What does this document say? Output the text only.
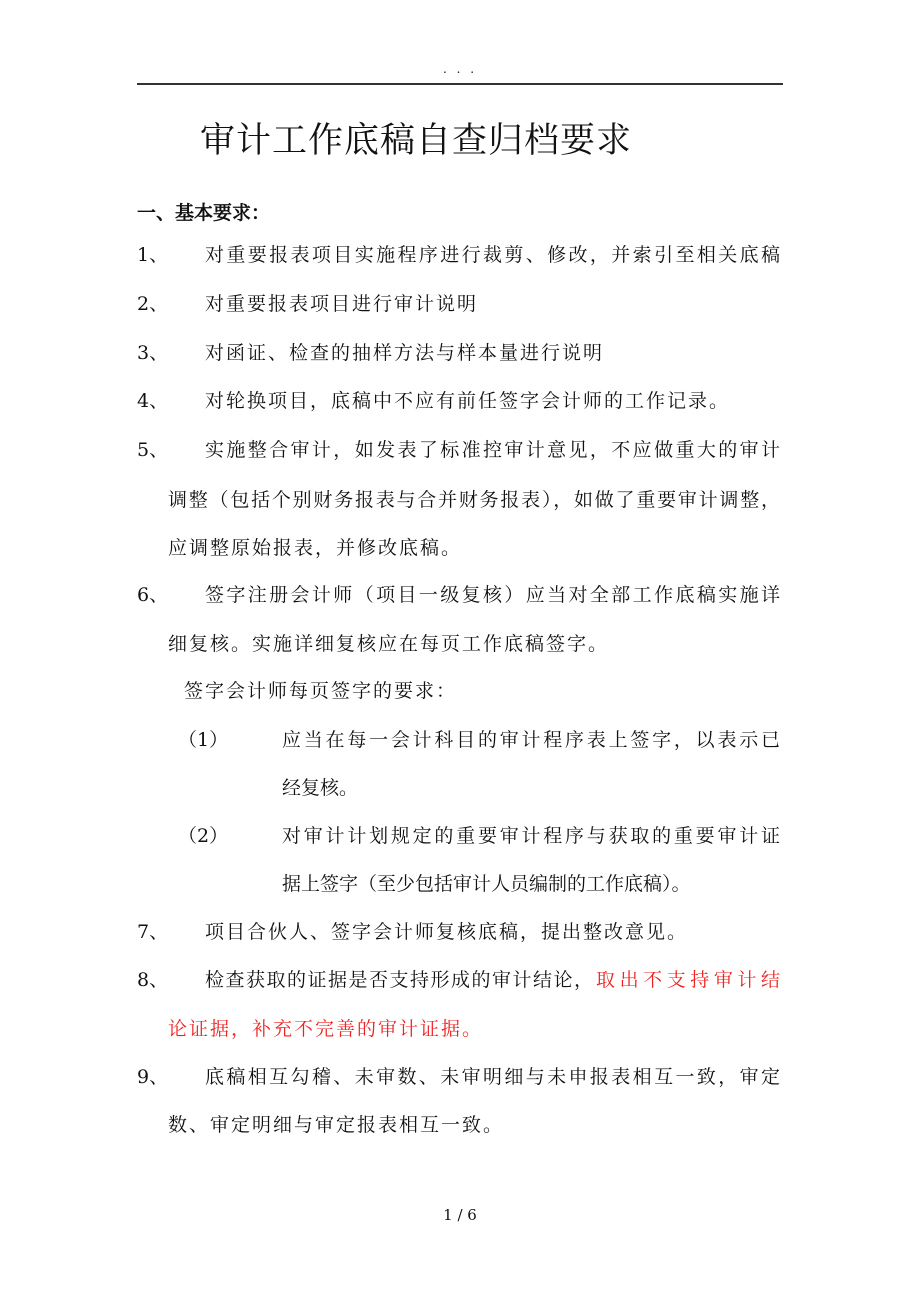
. . .
审计工作底稿自查归档要求
一、基本要求：
1、 对重要报表项目实施程序进行裁剪、修改，并索引至相关底稿
2、 对重要报表项目进行审计说明
3、 对函证、检查的抽样方法与样本量进行说明
4、 对轮换项目，底稿中不应有前任签字会计师的工作记录。
5、 实施整合审计，如发表了标准控审计意见，不应做重大的审计
调整（包括个别财务报表与合并财务报表），如做了重要审计调整，
应调整原始报表，并修改底稿。
6、 签字注册会计师（项目一级复核）应当对全部工作底稿实施详
细复核。实施详细复核应在每页工作底稿签字。
签字会计师每页签字的要求：
（1）	应当在每一会计科目的审计程序表上签字，以表示已
经复核。
（2）	对审计计划规定的重要审计程序与获取的重要审计证
据上签字（至少包括审计人员编制的工作底稿）。
7、 项目合伙人、签字会计师复核底稿，提出整改意见。
8、 检查获取的证据是否支持形成的审计结论， 取出不支持审计结
论证据，补充不完善的审计证据。
9、 底稿相互勾稽、未审数、未审明细与未申报表相互一致，审定
数、审定明细与审定报表相互一致。
1 / 6
